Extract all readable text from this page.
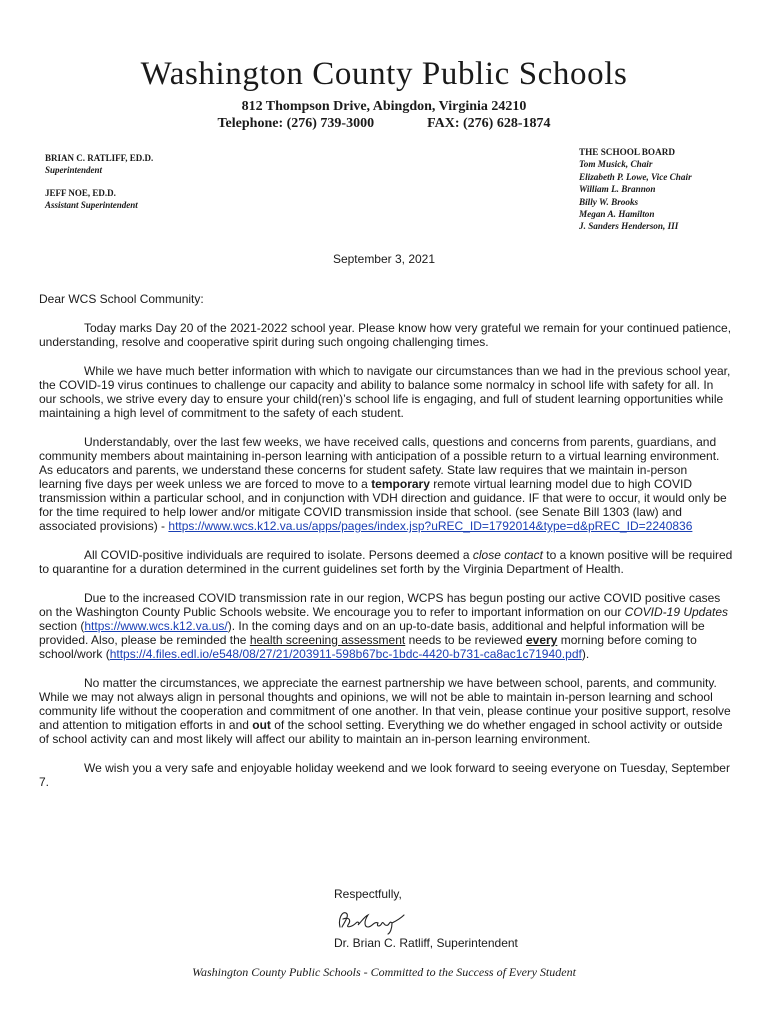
Washington County Public Schools
812 Thompson Drive, Abingdon, Virginia 24210
Telephone: (276) 739-3000	FAX: (276) 628-1874
BRIAN C. RATLIFF, ED.D.
Superintendent
JEFF NOE, ED.D.
Assistant Superintendent
THE SCHOOL BOARD
Tom Musick, Chair
Elizabeth P. Lowe, Vice Chair
William L. Brannon
Billy W. Brooks
Megan A. Hamilton
J. Sanders Henderson, III
September 3, 2021

Dear WCS School Community:

Today marks Day 20 of the 2021-2022 school year. Please know how very grateful we remain for your continued patience, understanding, resolve and cooperative spirit during such ongoing challenging times.

While we have much better information with which to navigate our circumstances than we had in the previous school year, the COVID-19 virus continues to challenge our capacity and ability to balance some normalcy in school life with safety for all. In our schools, we strive every day to ensure your child(ren)’s school life is engaging, and full of student learning opportunities while maintaining a high level of commitment to the safety of each student.

Understandably, over the last few weeks, we have received calls, questions and concerns from parents, guardians, and community members about maintaining in-person learning with anticipation of a possible return to a virtual learning environment. As educators and parents, we understand these concerns for student safety. State law requires that we maintain in-person learning five days per week unless we are forced to move to a temporary remote virtual learning model due to high COVID transmission within a particular school, and in conjunction with VDH direction and guidance. IF that were to occur, it would only be for the time required to help lower and/or mitigate COVID transmission inside that school. (see Senate Bill 1303 (law) and associated provisions) - https://www.wcs.k12.va.us/apps/pages/index.jsp?uREC_ID=1792014&type=d&pREC_ID=2240836

All COVID-positive individuals are required to isolate. Persons deemed a close contact to a known positive will be required to quarantine for a duration determined in the current guidelines set forth by the Virginia Department of Health.

Due to the increased COVID transmission rate in our region, WCPS has begun posting our active COVID positive cases on the Washington County Public Schools website. We encourage you to refer to important information on our COVID-19 Updates section (https://www.wcs.k12.va.us/). In the coming days and on an up-to-date basis, additional and helpful information will be provided. Also, please be reminded the health screening assessment needs to be reviewed every morning before coming to school/work (https://4.files.edl.io/e548/08/27/21/203911-598b67bc-1bdc-4420-b731-ca8ac1c71940.pdf).

No matter the circumstances, we appreciate the earnest partnership we have between school, parents, and community. While we may not always align in personal thoughts and opinions, we will not be able to maintain in-person learning and school community life without the cooperation and commitment of one another. In that vein, please continue your positive support, resolve and attention to mitigation efforts in and out of the school setting. Everything we do whether engaged in school activity or outside of school activity can and most likely will affect our ability to maintain an in-person learning environment.

We wish you a very safe and enjoyable holiday weekend and we look forward to seeing everyone on Tuesday, September 7.

Respectfully,
Dr. Brian C. Ratliff, Superintendent
Washington County Public Schools - Committed to the Success of Every Student
